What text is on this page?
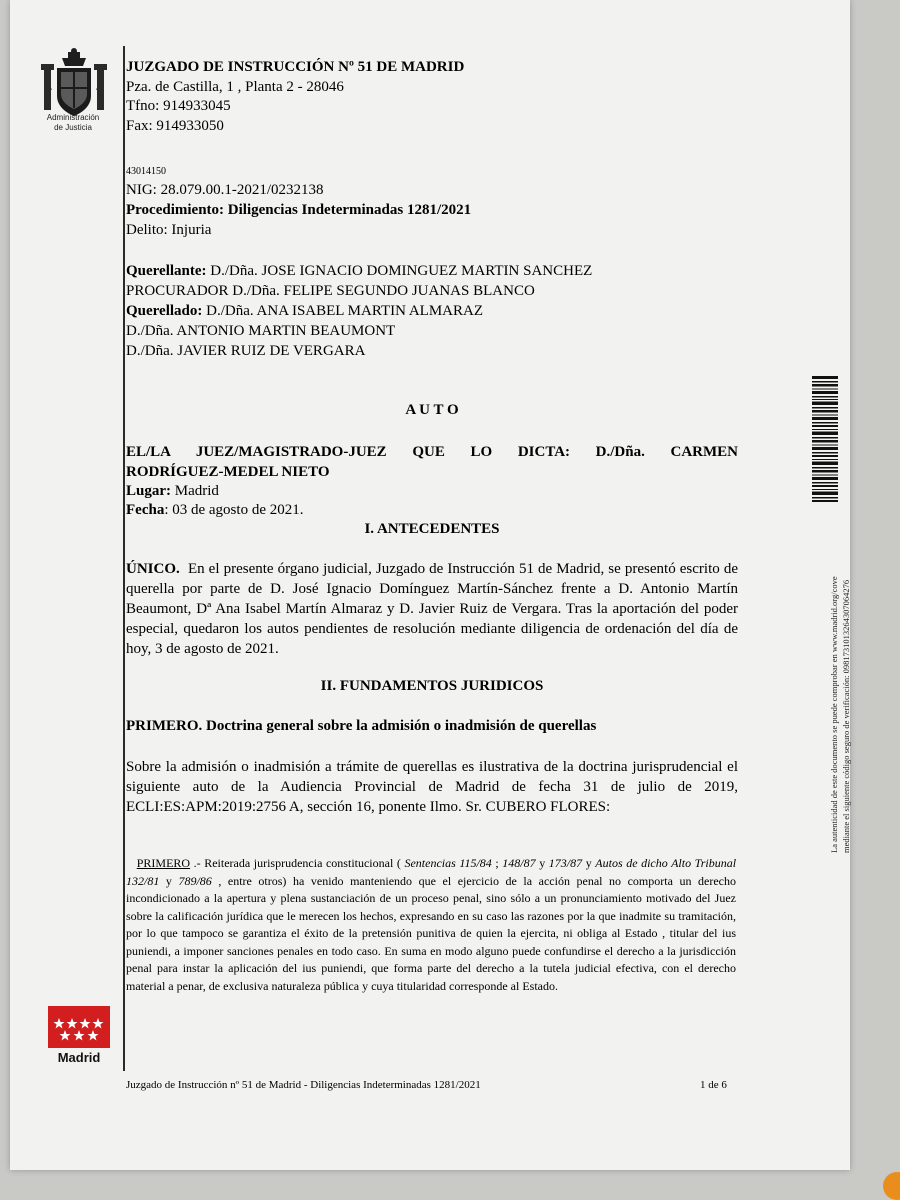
Administración
de Justicia
JUZGADO DE INSTRUCCIÓN Nº 51 DE MADRID
Pza. de Castilla, 1 , Planta 2 - 28046
Tfno: 914933045
Fax: 914933050
43014150
NIG: 28.079.00.1-2021/0232138
Procedimiento: Diligencias Indeterminadas 1281/2021
Delito: Injuria
Querellante: D./Dña. JOSE IGNACIO DOMINGUEZ MARTIN SANCHEZ
PROCURADOR D./Dña. FELIPE SEGUNDO JUANAS BLANCO
Querellado: D./Dña. ANA ISABEL MARTIN ALMARAZ
D./Dña. ANTONIO MARTIN BEAUMONT
D./Dña. JAVIER RUIZ DE VERGARA
A U T O
EL/LA JUEZ/MAGISTRADO-JUEZ QUE LO DICTA: D./Dña. CARMEN
RODRÍGUEZ-MEDEL NIETO
Lugar: Madrid
Fecha: 03 de agosto de 2021.
I. ANTECEDENTES
ÚNICO. En el presente órgano judicial, Juzgado de Instrucción 51 de Madrid, se presentó escrito de querella por parte de D. José Ignacio Domínguez Martín-Sánchez frente a D. Antonio Martín Beaumont, Dª Ana Isabel Martín Almaraz y D. Javier Ruiz de Vergara. Tras la aportación del poder especial, quedaron los autos pendientes de resolución mediante diligencia de ordenación del día de hoy, 3 de agosto de 2021.
II. FUNDAMENTOS JURIDICOS
PRIMERO. Doctrina general sobre la admisión o inadmisión de querellas
Sobre la admisión o inadmisión a trámite de querellas es ilustrativa de la doctrina jurisprudencial el siguiente auto de la Audiencia Provincial de Madrid de fecha 31 de julio de 2019, ECLI:ES:APM:2019:2756 A, sección 16, ponente Ilmo. Sr. CUBERO FLORES:
PRIMERO .- Reiterada jurisprudencia constitucional ( Sentencias 115/84 ; 148/87 y 173/87 y Autos de dicho Alto Tribunal 132/81 y 789/86 , entre otros) ha venido manteniendo que el ejercicio de la acción penal no comporta un derecho incondicionado a la apertura y plena sustanciación de un proceso penal, sino sólo a un pronunciamiento motivado del Juez sobre la calificación jurídica que le merecen los hechos, expresando en su caso las razones por la que inadmite su tramitación, por lo que tampoco se garantiza el éxito de la pretensión punitiva de quien la ejercita, ni obliga al Estado , titular del ius puniendi, a imponer sanciones penales en todo caso. En suma en modo alguno puede confundirse el derecho a la jurisdicción penal para instar la aplicación del ius puniendi, que forma parte del derecho a la tutela judicial efectiva, con el derecho material a penar, de exclusiva naturaleza pública y cuya titularidad corresponde al Estado.
Madrid
La autenticidad de este documento se puede comprobar en www.madrid.org/cove mediante el siguiente código seguro de verificación: 0981731013264307064276
Juzgado de Instrucción nº 51 de Madrid - Diligencias Indeterminadas 1281/2021	1 de 6
